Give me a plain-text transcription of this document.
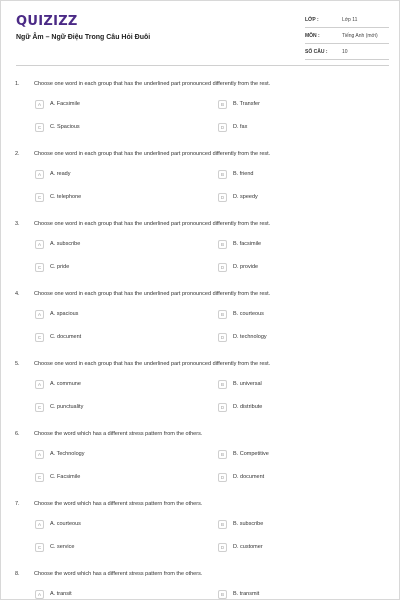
QUIZIZZ
Ngữ Âm – Ngữ Điệu Trong Câu Hỏi Đuôi
LỚP :	Lớp 11
MÔN :	Tiếng Anh (mới)
SỐ CÂU :	10
1.	Choose one word in each group that has the underlined part pronounced differently from the rest.
A	A. Facsimile	B	B. Transfer
C	C. Spacious	D	D. fax
2.	Choose one word in each group that has the underlined part pronounced differently from the rest.
A	A. ready	B	B. friend
C	C. telephone	D	D. speedy
3.	Choose one word in each group that has the underlined part pronounced differently from the rest.
A	A. subscribe	B	B. facsimile
C	C. pride	D	D. provide
4.	Choose one word in each group that has the underlined part pronounced differently from the rest.
A	A. spacious	B	B. courteous
C	C. document	D	D. technology
5.	Choose one word in each group that has the underlined part pronounced differently from the rest.
A	A. commune	B	B. universal
C	C. punctuality	D	D. distribute
6.	Choose the word which has a different stress pattern from the others.
A	A. Technology	B	B. Competitive
C	C. Facsimile	D	D. document
7.	Choose the word which has a different stress pattern from the others.
A	A. courteous	B	B. subscribe
C	C. service	D	D. customer
8.	Choose the word which has a different stress pattern from the others.
A	A. transit	B	B. transmit
